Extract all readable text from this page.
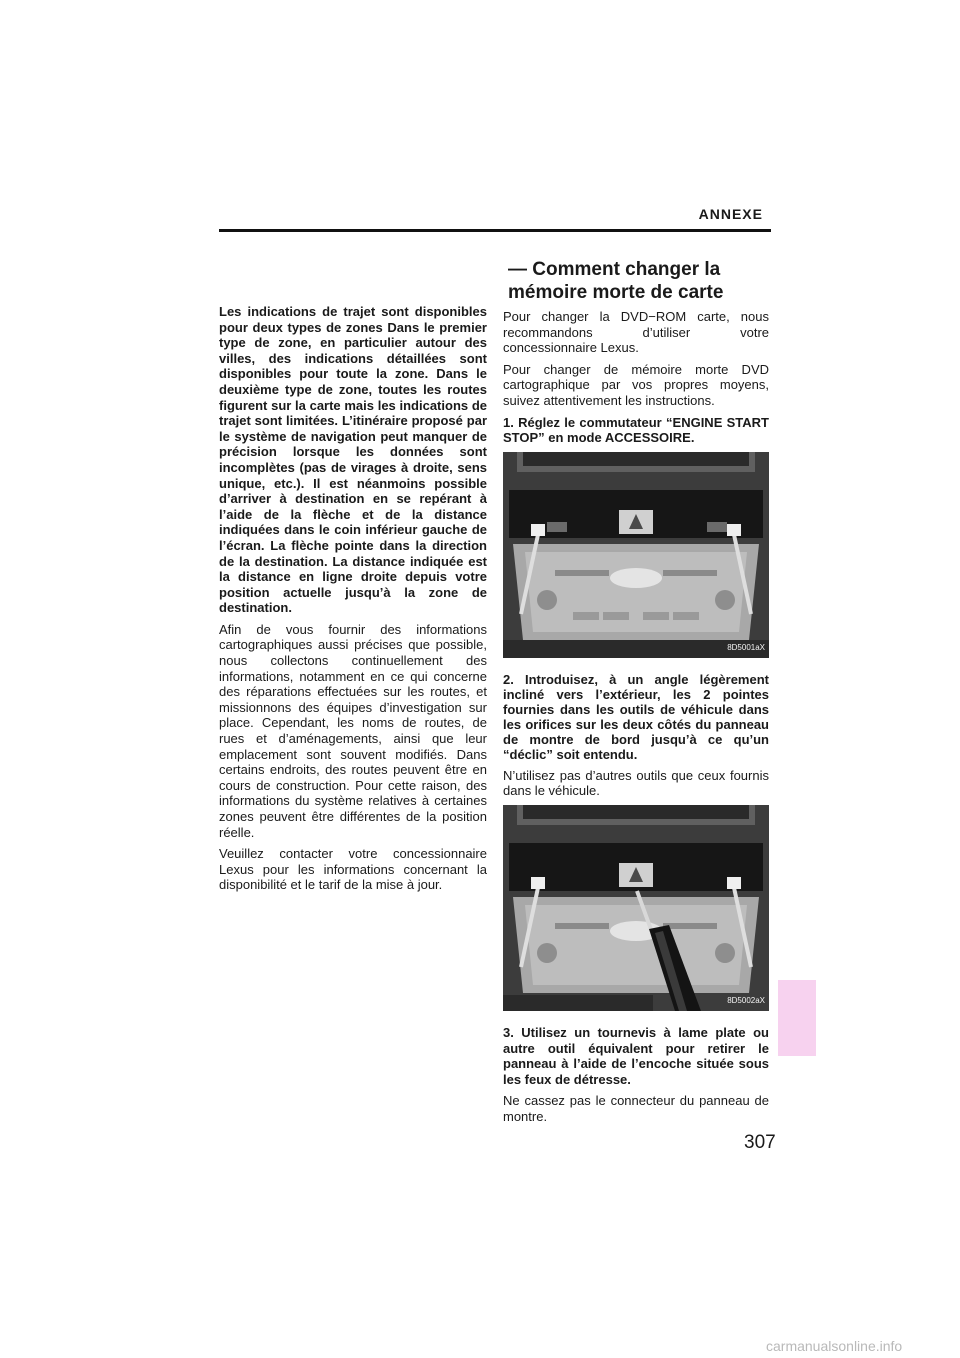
ANNEXE

Les indications de trajet sont disponibles pour deux types de zones Dans le premier type de zone, en particulier autour des villes, des indications détaillées sont disponibles pour toute la zone. Dans le deuxième type de zone, toutes les routes figurent sur la carte mais les indications de trajet sont limitées. L’itinéraire proposé par le système de navigation peut manquer de précision lorsque les données sont incomplètes (pas de virages à droite, sens unique, etc.). Il est néanmoins possible d’arriver à destination en se repérant à l’aide de la flèche et de la distance indiquées dans le coin inférieur gauche de l’écran. La flèche pointe dans la direction de la destination. La distance indiquée est la distance en ligne droite depuis votre position actuelle jusqu’à la zone de destination.

Afin de vous fournir des informations cartographiques aussi précises que possible, nous collectons continuellement des informations, notamment en ce qui concerne des réparations effectuées sur les routes, et missionnons des équipes d’investigation sur place. Cependant, les noms de routes, de rues et d’aménagements, ainsi que leur emplacement sont souvent modifiés. Dans certains endroits, des routes peuvent être en cours de construction. Pour cette raison, des informations du système relatives à certaines zones peuvent être différentes de la position réelle.

Veuillez contacter votre concessionnaire Lexus pour les informations concernant la disponibilité et le tarif de la mise à jour.

— Comment changer la
mémoire morte de carte

Pour changer la DVD−ROM carte, nous recommandons d’utiliser votre concessionnaire Lexus.

Pour changer de mémoire morte DVD cartographique par vos propres moyens, suivez attentivement les instructions.

1. Réglez le commutateur “ENGINE START STOP” en mode ACCESSOIRE.

8D5001aX

2. Introduisez, à un angle légèrement incliné vers l’extérieur, les 2 pointes fournies dans les outils de véhicule dans les orifices sur les deux côtés du panneau de montre de bord jusqu’à ce qu’un “déclic” soit entendu.

N’utilisez pas d’autres outils que ceux fournis dans le véhicule.

8D5002aX

3. Utilisez un tournevis à lame plate ou autre outil équivalent pour retirer le panneau à l’aide de l’encoche située sous les feux de détresse.

Ne cassez pas le connecteur du panneau de montre.

307
carmanualsonline.info
